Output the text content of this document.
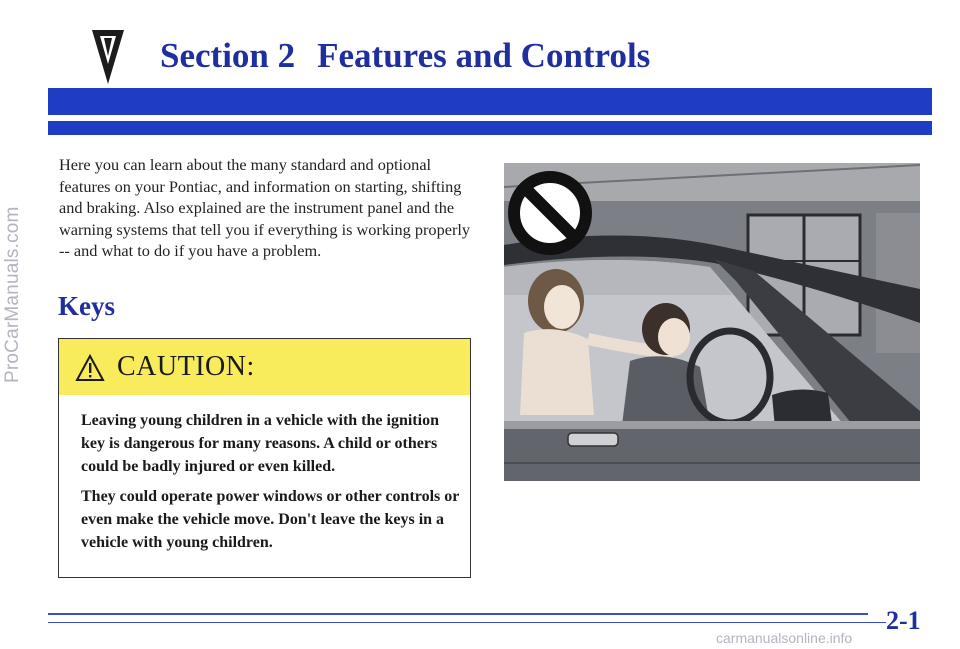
ProCarManuals.com
Section 2 Features and Controls
Here you can learn about the many standard and optional features on your Pontiac, and information on starting, shifting and braking. Also explained are the instrument panel and the warning systems that tell you if everything is working properly -- and what to do if you have a problem.
Keys
CAUTION:

Leaving young children in a vehicle with the ignition key is dangerous for many reasons. A child or others could be badly injured or even killed.

They could operate power windows or other controls or even make the vehicle move. Don't leave the keys in a vehicle with young children.

2-1
carmanualsonline.info
